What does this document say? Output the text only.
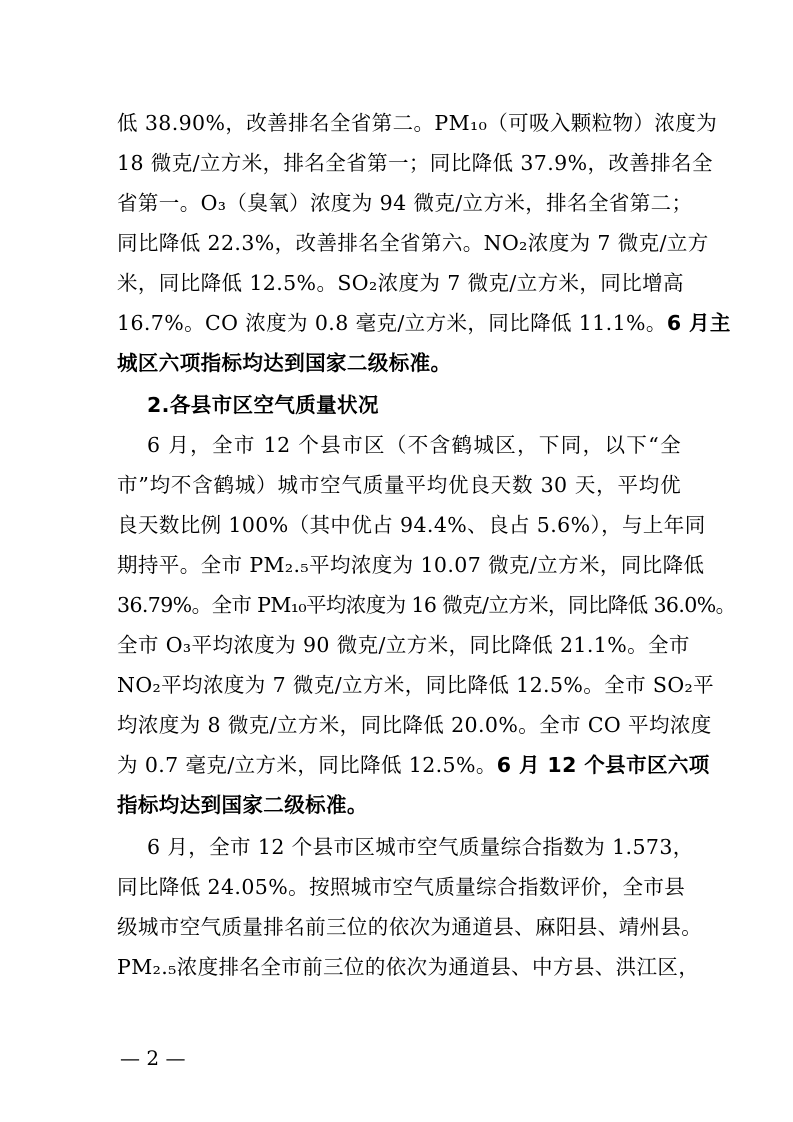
低 38.90%，改善排名全省第二。PM₁₀（可吸入颗粒物）浓度为
18 微克/立方米，排名全省第一；同比降低 37.9%，改善排名全
省第一。O₃（臭氧）浓度为 94 微克/立方米，排名全省第二；
同比降低 22.3%，改善排名全省第六。NO₂浓度为 7 微克/立方
米，同比降低 12.5%。SO₂浓度为 7 微克/立方米，同比增高
16.7%。CO 浓度为 0.8 毫克/立方米，同比降低 11.1%。6 月主
城区六项指标均达到国家二级标准。
2.各县市区空气质量状况
6 月，全市 12 个县市区（不含鹤城区，下同，以下“全
市”均不含鹤城）城市空气质量平均优良天数 30 天，平均优
良天数比例 100%（其中优占 94.4%、良占 5.6%），与上年同
期持平。全市 PM₂.₅平均浓度为 10.07 微克/立方米，同比降低
36.79%。全市 PM₁₀平均浓度为 16 微克/立方米，同比降低 36.0%。
全市 O₃平均浓度为 90 微克/立方米，同比降低 21.1%。全市
NO₂平均浓度为 7 微克/立方米，同比降低 12.5%。全市 SO₂平
均浓度为 8 微克/立方米，同比降低 20.0%。全市 CO 平均浓度
为 0.7 毫克/立方米，同比降低 12.5%。6 月 12 个县市区六项
指标均达到国家二级标准。
6 月，全市 12 个县市区城市空气质量综合指数为 1.573，
同比降低 24.05%。按照城市空气质量综合指数评价，全市县
级城市空气质量排名前三位的依次为通道县、麻阳县、靖州县。
PM₂.₅浓度排名全市前三位的依次为通道县、中方县、洪江区，
— 2 —
